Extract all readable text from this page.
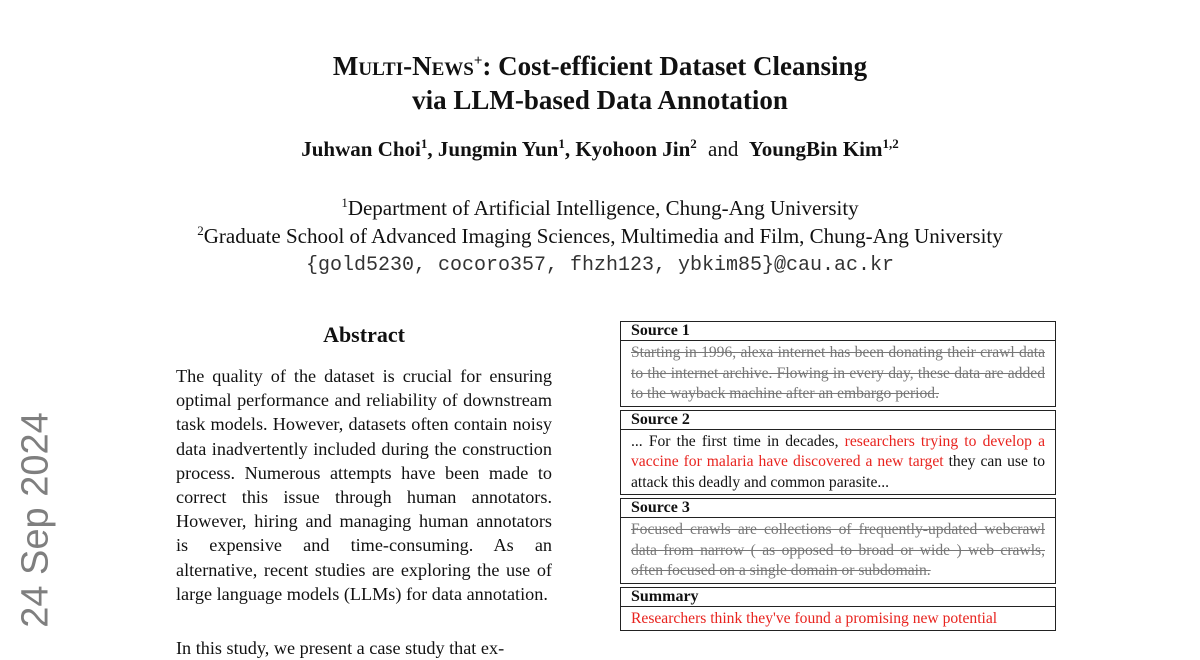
Multi-News+: Cost-efficient Dataset Cleansing
via LLM-based Data Annotation
Juhwan Choi$^1$, Jungmin Yun$^1$, Kyohoon Jin$^2$ and YoungBin Kim$^{1,2}$
$^1$Department of Artificial Intelligence, Chung-Ang University
$^2$Graduate School of Advanced Imaging Sciences, Multimedia and Film, Chung-Ang University
{gold5230, cocoro357, fhzh123, ybkim85}@cau.ac.kr
24 Sep 2024
Abstract
The quality of the dataset is crucial for ensuring optimal performance and reliability of downstream task models. However, datasets often contain noisy data inadvertently included during the construction process. Numerous attempts have been made to correct this issue through human annotators. However, hiring and managing human annotators is expensive and time-consuming. As an alternative, recent studies are exploring the use of large language models (LLMs) for data annotation.
In this study, we present a case study that ex-
Source 1
Starting in 1996, alexa internet has been donating their crawl data to the internet archive. Flowing in every day, these data are added to the wayback machine after an embargo period.
Source 2
... For the first time in decades, researchers trying to develop a vaccine for malaria have discovered a new target they can use to attack this deadly and common parasite...
Source 3
Focused crawls are collections of frequently-updated webcrawl data from narrow ( as opposed to broad or wide ) web crawls, often focused on a single domain or subdomain.
Summary
Researchers think they've found a promising new potential
